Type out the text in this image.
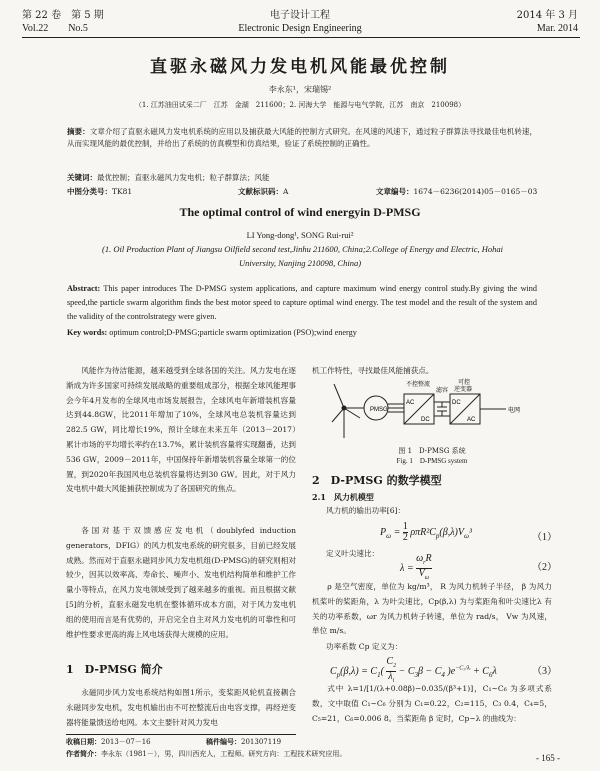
第 22 卷　第 5 期
Vol.22　　No.5
电子设计工程
Electronic Design Engineering
2014 年 3 月
Mar. 2014
直驱永磁风力发电机风能最优控制
李永东¹，宋瑞锡²
（1. 江苏油田试采二厂　江苏　金湖　211600；2. 河海大学　能源与电气学院，江苏　南京　210098）
摘要：文章介绍了直驱永磁风力发电机系统的应用以及捕获最大风能的控制方式研究。在风速的风速下，通过粒子群算法寻找最佳电机转速，从而实现风能的最优控制，并给出了系统的仿真模型和仿真结果，验证了系统控制的正确性。
关键词：最优控制；直驱永磁风力发电机；粒子群算法；风能
中图分类号：TK81	文献标识码：A	文章编号：1674－6236(2014)05－0165－03
The optimal control of wind energyin D-PMSG
LI Yong-dong¹, SONG Rui-rui²
(1. Oil Production Plant of Jiangsu Oilfield second test,Jinhu 211600, China;2.College of Energy and Electric, Hohai
University, Nanjing 210098, China)
Abstract: This paper introduces The D-PMSG system applications, and capture maximum wind energy control study.By giving the wind speed,the particle swarm algorithm finds the best motor speed to capture optimal wind energy. The test model and the result of the system and the validity of the controlstrategy were given.
Key words: optimum control;D-PMSG;particle swarm optimization (PSO);wind energy
风能作为待洁能源，越来越受到全球各国的关注。风力发电在逐渐成为许多国家可持续发展战略的重要组成部分，根据全球风能理事会今年4月发布的全球风电市场发展报告，全球风电年新增装机容量达到44.8GW，比2011年增加了10%，全球风电总装机容量达到282.5 GW，同比增长19%，预计全球在未来五年（2013－2017）累计市场的平均增长率约在13.7%，累计装机容量将实现翻番，达到536 GW，2009－2011年，中国保持年新增装机容量全球第一的位置，到2020年我国风电总装机容量将达到30 GW。因此，对于风力发电机中最大风能捕获控制成为了各国研究的焦点。
各国对基于双馈感应发电机（doublyfed induction generators，DFIG）的风力机发电系统的研究很多，目前已经发展成熟。然而对于直驱永磁同步风力发电机组(D-PMSG)的研究则相对较少，因其以效率高、寿命长、噪声小、发电机结构简单和维护工作量小等特点，在风力发电领域受到了越来越多的重视。而且根据文献[5]的分析，直驱永磁发电机在整体循环成本方面，对于风力发电机组的使用而言是有优势的，开启完全自主对风力发电机的可靠性和可维护性要求更高的海上风电场获得大规模的应用。
1　D-PMSG 简介
永磁同步风力发电系统结构如图1所示，变桨距风轮机直接耦合永磁同步发电机，发电机输出由不可控整流后由电容支撑，再经逆变器将能量馈送给电网。本文主要针对风力发电
机工作特性，寻找最佳风能捕获点。
PMSG
AC
DC
DC
AC
不控整流
滤容
可控
逆变器
电网
图 1　D-PMSG 系统
Fig. 1　D-PMSG system
2　D-PMSG 的数学模型
2.1　风力机模型
风力机的输出功率[6]：
$P_\omega = \frac{1}{2} \rho\pi R^2C_p(\beta,\lambda)V_\omega^3$	（1）
定义叶尖速比：
λ =
$\omega_rR$
$V_\omega$
（2）
ρ 是空气密度，单位为 kg/m³， R 为风力机转子半径， β 为风力机桨叶的桨距角，λ 为叶尖速比，Cp(β,λ) 为与桨距角和叶尖速比λ 有关的功率系数，ωr 为风力机转子转速，单位为 rad/s， Vw 为风速，单位 m/s。
功率系数 Cp 定义为：
$C_p(\beta,\lambda) = C_1( \frac{C_2}{\lambda_i} - C_3\beta - C_4$ )$e^{-C_5/\lambda ᵢ} + C_6\lambda$	（3）
式中 λ=1/[1/(λ+0.08β)−0.035/(β³+1)]，C₁~C₆ 为多项式系数，文中取值 C₁~C₆ 分别为 C₁=0.22，C₂=115，C₃ 0.4，C₄=5，C₅=21，C₆=0.006 8。当桨距角 β 定时，Cp~λ 的曲线为：
收稿日期：2013－07－16	稿件编号：201307119
作者简介：李永东（1981－），男，四川西充人，工程师。研究方向：工程技术研究应用。	- 165 -
